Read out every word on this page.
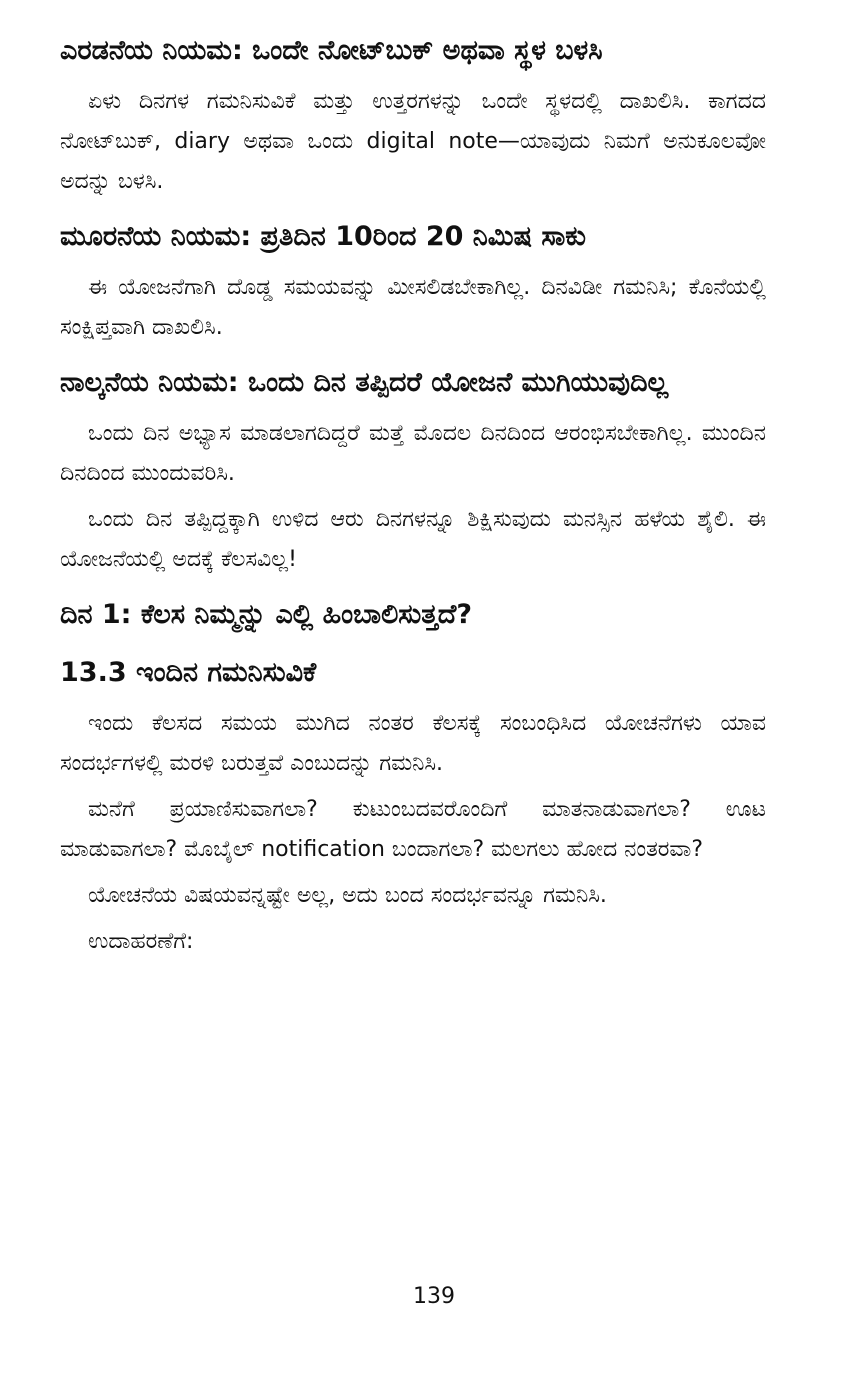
ಎರಡನೆಯ ನಿಯಮ: ಒಂದೇ ನೋಟ್‌ಬುಕ್ ಅಥವಾ ಸ್ಥಳ ಬಳಸಿ

ಏಳು ದಿನಗಳ ಗಮನಿಸುವಿಕೆ ಮತ್ತು ಉತ್ತರಗಳನ್ನು ಒಂದೇ ಸ್ಥಳದಲ್ಲಿ ದಾಖಲಿಸಿ. ಕಾಗದದ ನೋಟ್‌ಬುಕ್, diary ಅಥವಾ ಒಂದು digital note—ಯಾವುದು ನಿಮಗೆ ಅನುಕೂಲವೋ ಅದನ್ನು ಬಳಸಿ.

ಮೂರನೆಯ ನಿಯಮ: ಪ್ರತಿದಿನ 10ರಿಂದ 20 ನಿಮಿಷ ಸಾಕು

ಈ ಯೋಜನೆಗಾಗಿ ದೊಡ್ಡ ಸಮಯವನ್ನು ಮೀಸಲಿಡಬೇಕಾಗಿಲ್ಲ. ದಿನವಿಡೀ ಗಮನಿಸಿ; ಕೊನೆಯಲ್ಲಿ ಸಂಕ್ಷಿಪ್ತವಾಗಿ ದಾಖಲಿಸಿ.

ನಾಲ್ಕನೆಯ ನಿಯಮ: ಒಂದು ದಿನ ತಪ್ಪಿದರೆ ಯೋಜನೆ ಮುಗಿಯುವುದಿಲ್ಲ

ಒಂದು ದಿನ ಅಭ್ಯಾಸ ಮಾಡಲಾಗದಿದ್ದರೆ ಮತ್ತೆ ಮೊದಲ ದಿನದಿಂದ ಆರಂಭಿಸಬೇಕಾಗಿಲ್ಲ. ಮುಂದಿನ ದಿನದಿಂದ ಮುಂದುವರಿಸಿ.

ಒಂದು ದಿನ ತಪ್ಪಿದ್ದಕ್ಕಾಗಿ ಉಳಿದ ಆರು ದಿನಗಳನ್ನೂ ಶಿಕ್ಷಿಸುವುದು ಮನಸ್ಸಿನ ಹಳೆಯ ಶೈಲಿ. ಈ ಯೋಜನೆಯಲ್ಲಿ ಅದಕ್ಕೆ ಕೆಲಸವಿಲ್ಲ!

ದಿನ 1: ಕೆಲಸ ನಿಮ್ಮನ್ನು ಎಲ್ಲಿ ಹಿಂಬಾಲಿಸುತ್ತದೆ?
13.3 ಇಂದಿನ ಗಮನಿಸುವಿಕೆ

ಇಂದು ಕೆಲಸದ ಸಮಯ ಮುಗಿದ ನಂತರ ಕೆಲಸಕ್ಕೆ ಸಂಬಂಧಿಸಿದ ಯೋಚನೆಗಳು ಯಾವ ಸಂದರ್ಭಗಳಲ್ಲಿ ಮರಳಿ ಬರುತ್ತವೆ ಎಂಬುದನ್ನು ಗಮನಿಸಿ.

ಮನೆಗೆ ಪ್ರಯಾಣಿಸುವಾಗಲಾ? ಕುಟುಂಬದವರೊಂದಿಗೆ ಮಾತನಾಡುವಾಗಲಾ? ಊಟ ಮಾಡುವಾಗಲಾ? ಮೊಬೈಲ್ notification ಬಂದಾಗಲಾ? ಮಲಗಲು ಹೋದ ನಂತರವಾ?

ಯೋಚನೆಯ ವಿಷಯವನ್ನಷ್ಟೇ ಅಲ್ಲ, ಅದು ಬಂದ ಸಂದರ್ಭವನ್ನೂ ಗಮನಿಸಿ.

ಉದಾಹರಣೆಗೆ:

139
